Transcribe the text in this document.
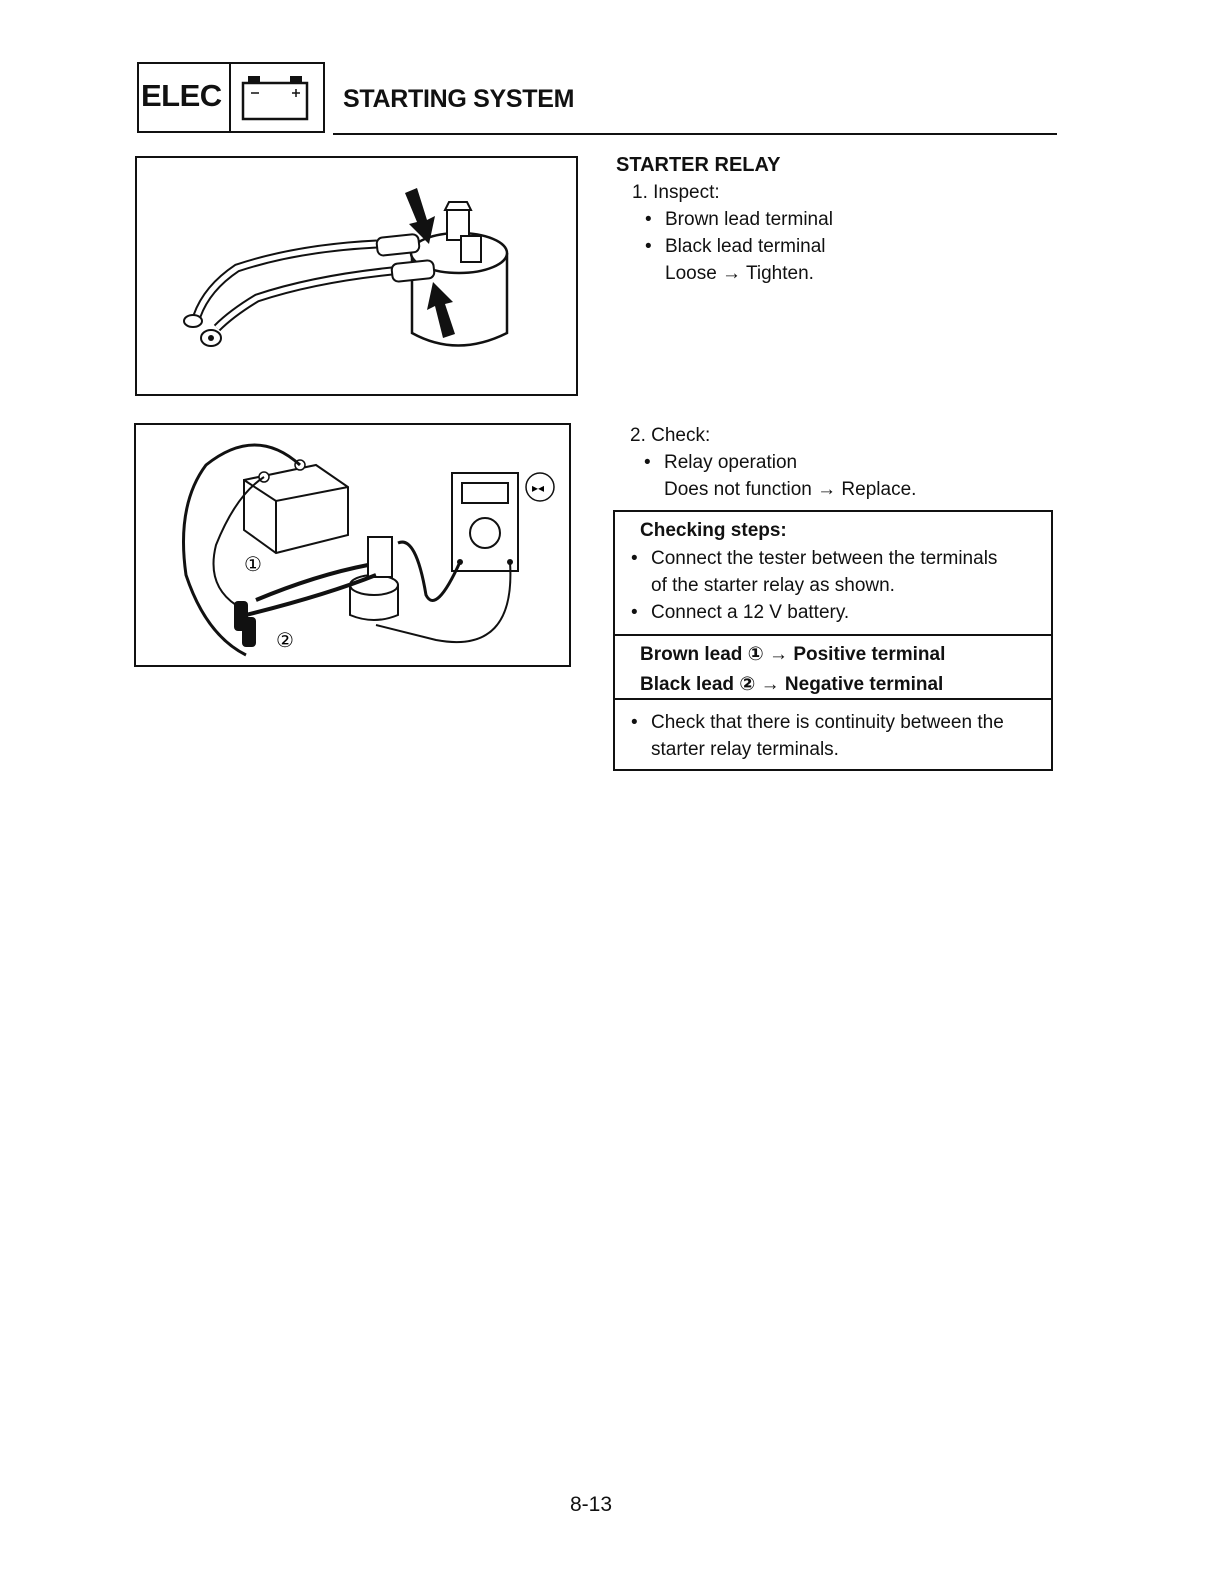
ELEC	STARTING SYSTEM
▸◂
①
②
STARTER RELAY
1. Inspect:
• Brown lead terminal
• Black lead terminal
Loose → Tighten.
2. Check:
• Relay operation
Does not function → Replace.
Checking steps:
• Connect the tester between the terminals
of the starter relay as shown.
• Connect a 12 V battery.
Brown lead ① → Positive terminal
Black lead ② → Negative terminal
• Check that there is continuity between the
starter relay terminals.
8-13
